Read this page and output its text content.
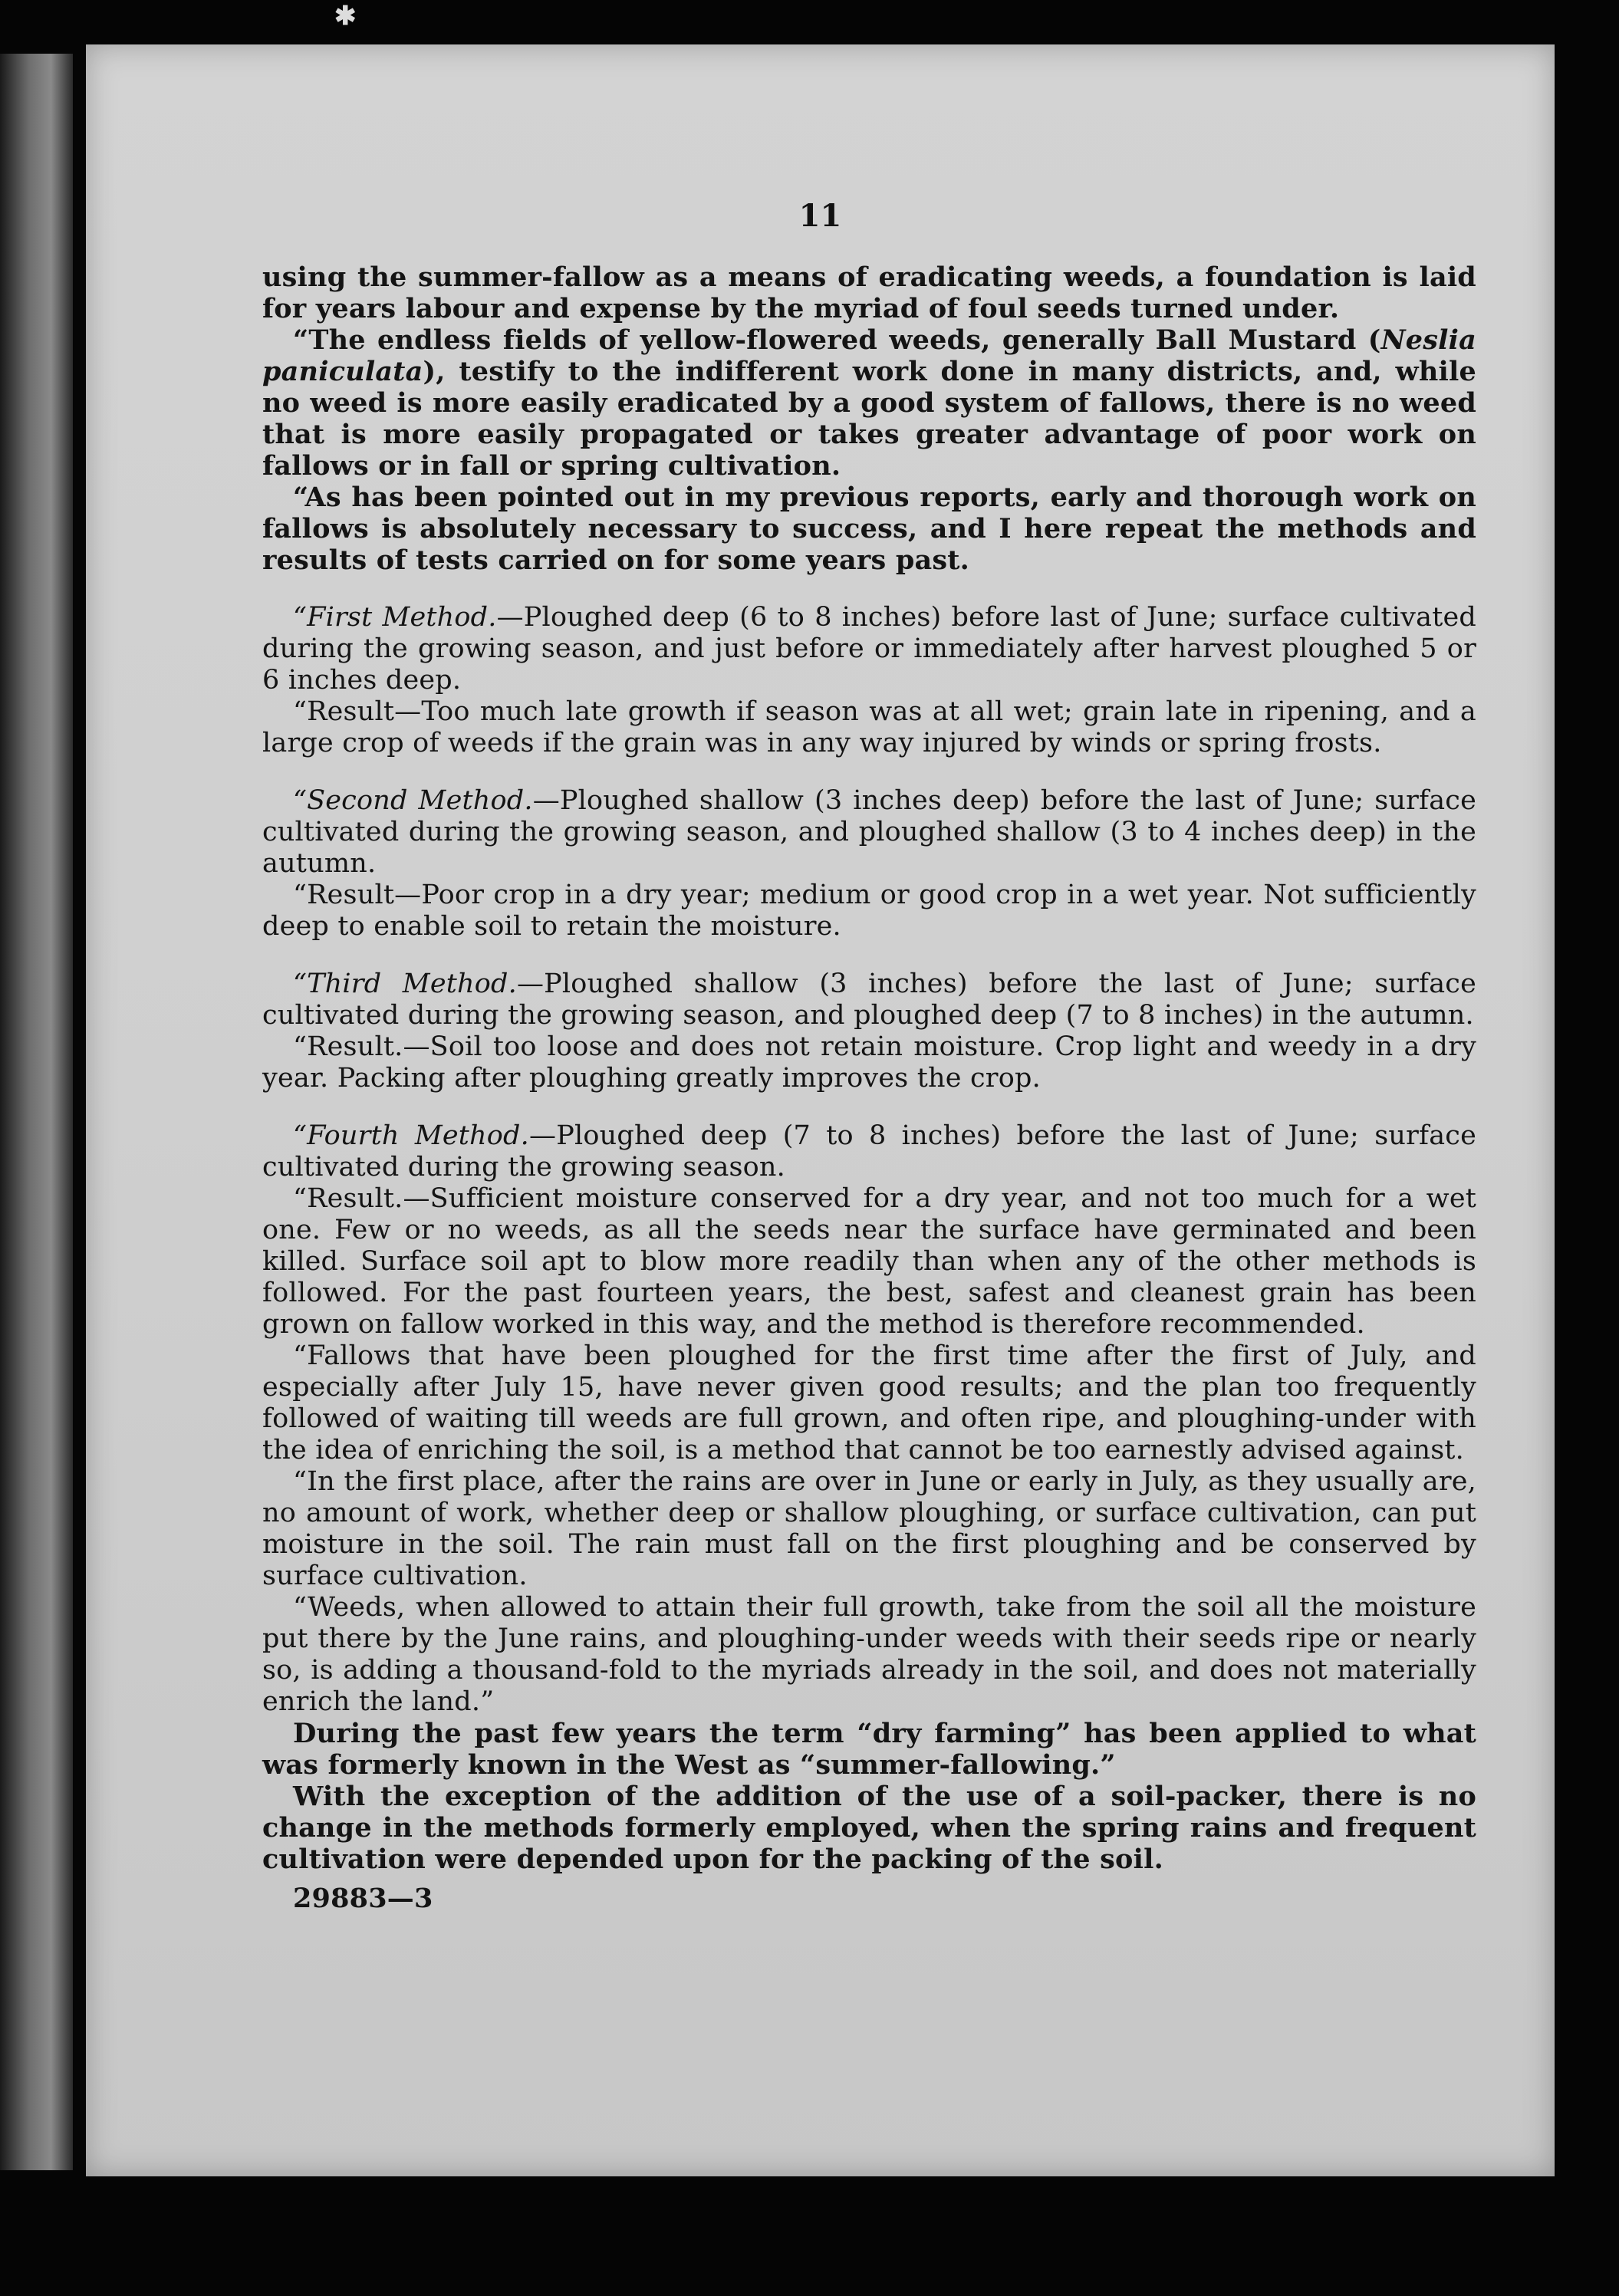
✱
11

using the summer-fallow as a means of eradicating weeds, a foundation is laid for years labour and expense by the myriad of foul seeds turned under.

“The endless fields of yellow-flowered weeds, generally Ball Mustard (Neslia paniculata), testify to the indifferent work done in many districts, and, while no weed is more easily eradicated by a good system of fallows, there is no weed that is more easily propagated or takes greater advantage of poor work on fallows or in fall or spring cultivation.

“As has been pointed out in my previous reports, early and thorough work on fallows is absolutely necessary to success, and I here repeat the methods and results of tests carried on for some years past.

“First Method.—Ploughed deep (6 to 8 inches) before last of June; surface cultivated during the growing season, and just before or immediately after harvest ploughed 5 or 6 inches deep.

“Result—Too much late growth if season was at all wet; grain late in ripening, and a large crop of weeds if the grain was in any way injured by winds or spring frosts.

“Second Method.—Ploughed shallow (3 inches deep) before the last of June; surface cultivated during the growing season, and ploughed shallow (3 to 4 inches deep) in the autumn.

“Result—Poor crop in a dry year; medium or good crop in a wet year. Not sufficiently deep to enable soil to retain the moisture.

“Third Method.—Ploughed shallow (3 inches) before the last of June; surface cultivated during the growing season, and ploughed deep (7 to 8 inches) in the autumn.

“Result.—Soil too loose and does not retain moisture. Crop light and weedy in a dry year. Packing after ploughing greatly improves the crop.

“Fourth Method.—Ploughed deep (7 to 8 inches) before the last of June; surface cultivated during the growing season.

“Result.—Sufficient moisture conserved for a dry year, and not too much for a wet one. Few or no weeds, as all the seeds near the surface have germinated and been killed. Surface soil apt to blow more readily than when any of the other methods is followed. For the past fourteen years, the best, safest and cleanest grain has been grown on fallow worked in this way, and the method is therefore recommended.

“Fallows that have been ploughed for the first time after the first of July, and especially after July 15, have never given good results; and the plan too frequently followed of waiting till weeds are full grown, and often ripe, and ploughing-under with the idea of enriching the soil, is a method that cannot be too earnestly advised against.

“In the first place, after the rains are over in June or early in July, as they usually are, no amount of work, whether deep or shallow ploughing, or surface cultivation, can put moisture in the soil. The rain must fall on the first ploughing and be conserved by surface cultivation.

“Weeds, when allowed to attain their full growth, take from the soil all the moisture put there by the June rains, and ploughing-under weeds with their seeds ripe or nearly so, is adding a thousand-fold to the myriads already in the soil, and does not materially enrich the land.”

During the past few years the term “dry farming” has been applied to what was formerly known in the West as “summer-fallowing.”

With the exception of the addition of the use of a soil-packer, there is no change in the methods formerly employed, when the spring rains and frequent cultivation were depended upon for the packing of the soil.

29883—3
